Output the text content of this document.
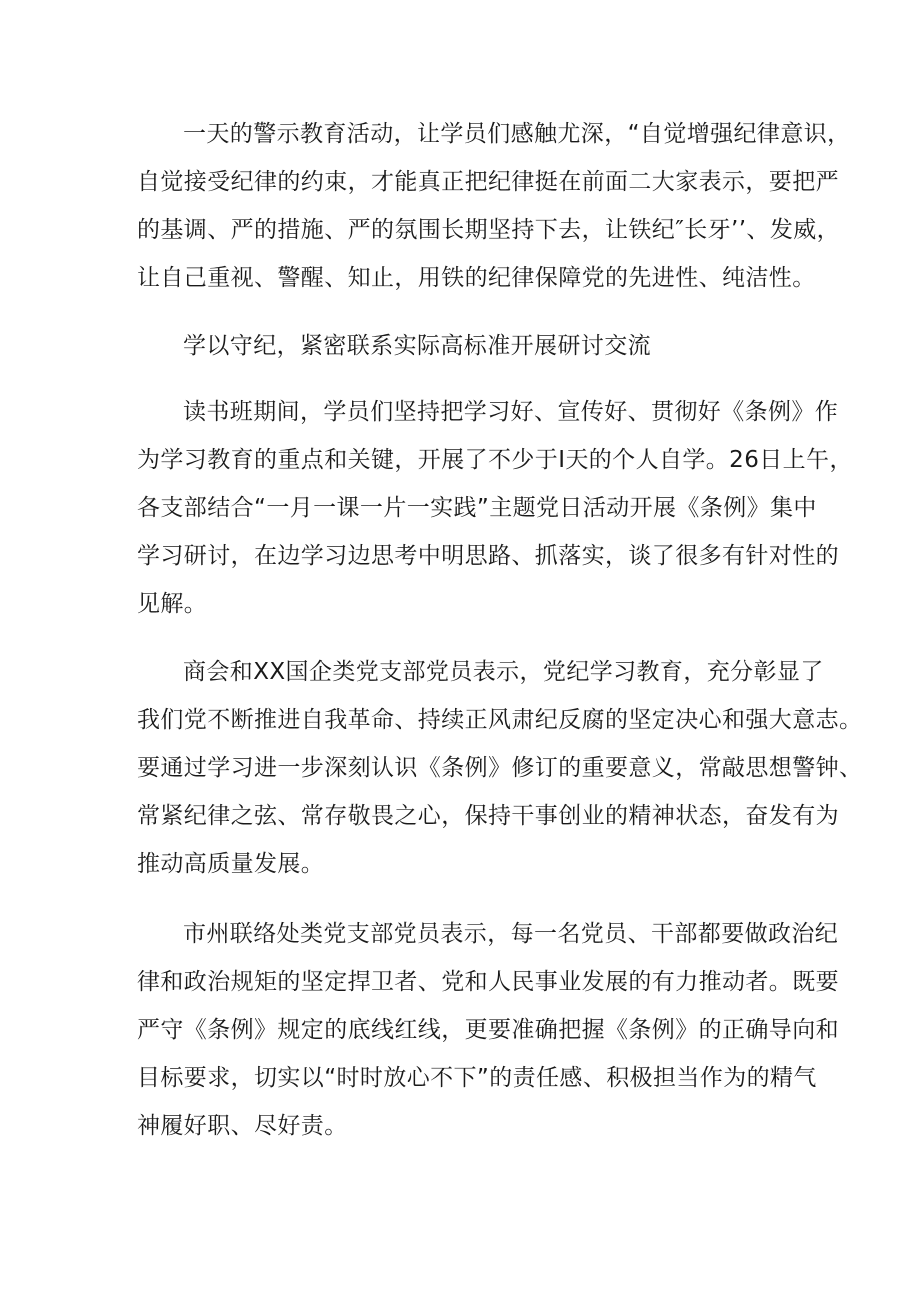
一天的警示教育活动，让学员们感触尤深，“自觉增强纪律意识，
自觉接受纪律的约束，才能真正把纪律挺在前面二大家表示，要把严
的基调、严的措施、严的氛围长期坚持下去，让铁纪″长牙’’、发威，
让自己重视、警醒、知止，用铁的纪律保障党的先进性、纯洁性。
学以守纪，紧密联系实际高标准开展研讨交流
读书班期间，学员们坚持把学习好、宣传好、贯彻好《条例》作
为学习教育的重点和关键，开展了不少于I天的个人自学。26日上午，
各支部结合“一月一课一片一实践”主题党日活动开展《条例》集中
学习研讨，在边学习边思考中明思路、抓落实，谈了很多有针对性的
见解。
商会和XX国企类党支部党员表示，党纪学习教育，充分彰显了
我们党不断推进自我革命、持续正风肃纪反腐的坚定决心和强大意志。
要通过学习进一步深刻认识《条例》修订的重要意义，常敲思想警钟、
常紧纪律之弦、常存敬畏之心，保持干事创业的精神状态，奋发有为
推动高质量发展。
市州联络处类党支部党员表示，每一名党员、干部都要做政治纪
律和政治规矩的坚定捍卫者、党和人民事业发展的有力推动者。既要
严守《条例》规定的底线红线，更要准确把握《条例》的正确导向和
目标要求，切实以“时时放心不下”的责任感、积极担当作为的精气
神履好职、尽好责。
